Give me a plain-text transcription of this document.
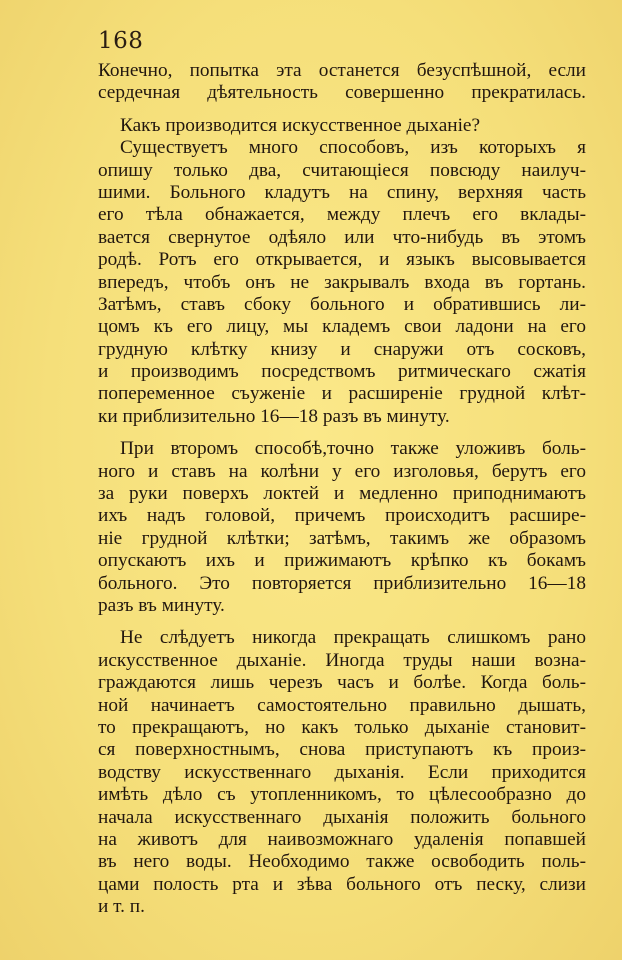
168
Конечно, попытка эта останется безуспѣшной, если
сердечная дѣятельность совершенно прекратилась.
Какъ производится искусственное дыханіе?
Существуетъ много способовъ, изъ которыхъ я
опишу только два, считающіеся повсюду наилуч-
шими. Больного кладутъ на спину, верхняя часть
его тѣла обнажается, между плечъ его вклады-
вается свернутое одѣяло или что-нибудь въ этомъ
родѣ. Ротъ его открывается, и языкъ высовывается
впередъ, чтобъ онъ не закрывалъ входа въ гортань.
Затѣмъ, ставъ сбоку больного и обратившись ли-
цомъ къ его лицу, мы кладемъ свои ладони на его
грудную клѣтку книзу и снаружи отъ сосковъ,
и производимъ посредствомъ ритмическаго сжатія
попеременное съуженіе и расширеніе грудной клѣт-
ки приблизительно 16—18 разъ въ минуту.
При второмъ способѣ,точно также уложивъ боль-
ного и ставъ на колѣни у его изголовья, берутъ его
за руки поверхъ локтей и медленно приподнимаютъ
ихъ надъ головой, причемъ происходитъ расшире-
ніе грудной клѣтки; затѣмъ, такимъ же образомъ
опускаютъ ихъ и прижимаютъ крѣпко къ бокамъ
больного. Это повторяется приблизительно 16—18
разъ въ минуту.
Не слѣдуетъ никогда прекращать слишкомъ рано
искусственное дыханіе. Иногда труды наши возна-
граждаются лишь черезъ часъ и болѣе. Когда боль-
ной начинаетъ самостоятельно правильно дышать,
то прекращаютъ, но какъ только дыханіе становит-
ся поверхностнымъ, снова приступаютъ къ произ-
водству искусственнаго дыханія. Если приходится
имѣть дѣло съ утопленникомъ, то цѣлесообразно до
начала искусственнаго дыханія положить больного
на животъ для наивозможнаго удаленія попавшей
въ него воды. Необходимо также освободить поль-
цами полость рта и зѣва больного отъ песку, слизи
и т. п.
